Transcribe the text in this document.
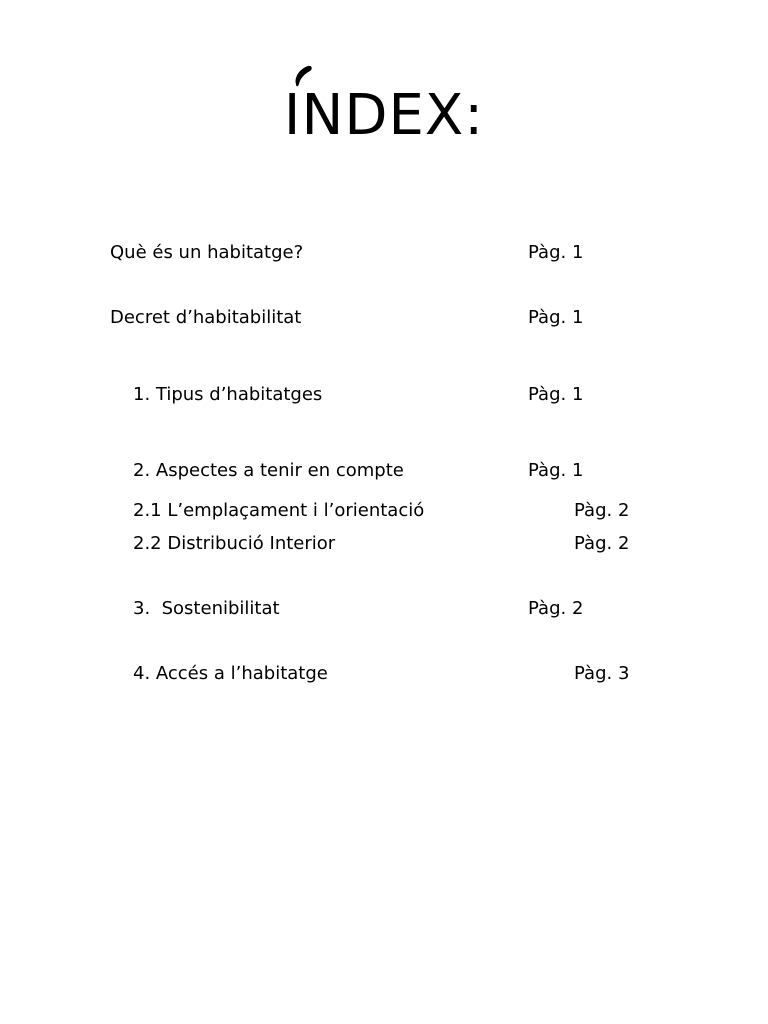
INDEX:
Què és un habitatge?	Pàg. 1
Decret d’habitabilitat	Pàg. 1
1. Tipus d’habitatges	Pàg. 1
2. Aspectes a tenir en compte	Pàg. 1
2.1 L’emplaçament i l’orientació	Pàg. 2
2.2 Distribució Interior	Pàg. 2
3.  Sostenibilitat	Pàg. 2
4. Accés a l’habitatge	Pàg. 3
